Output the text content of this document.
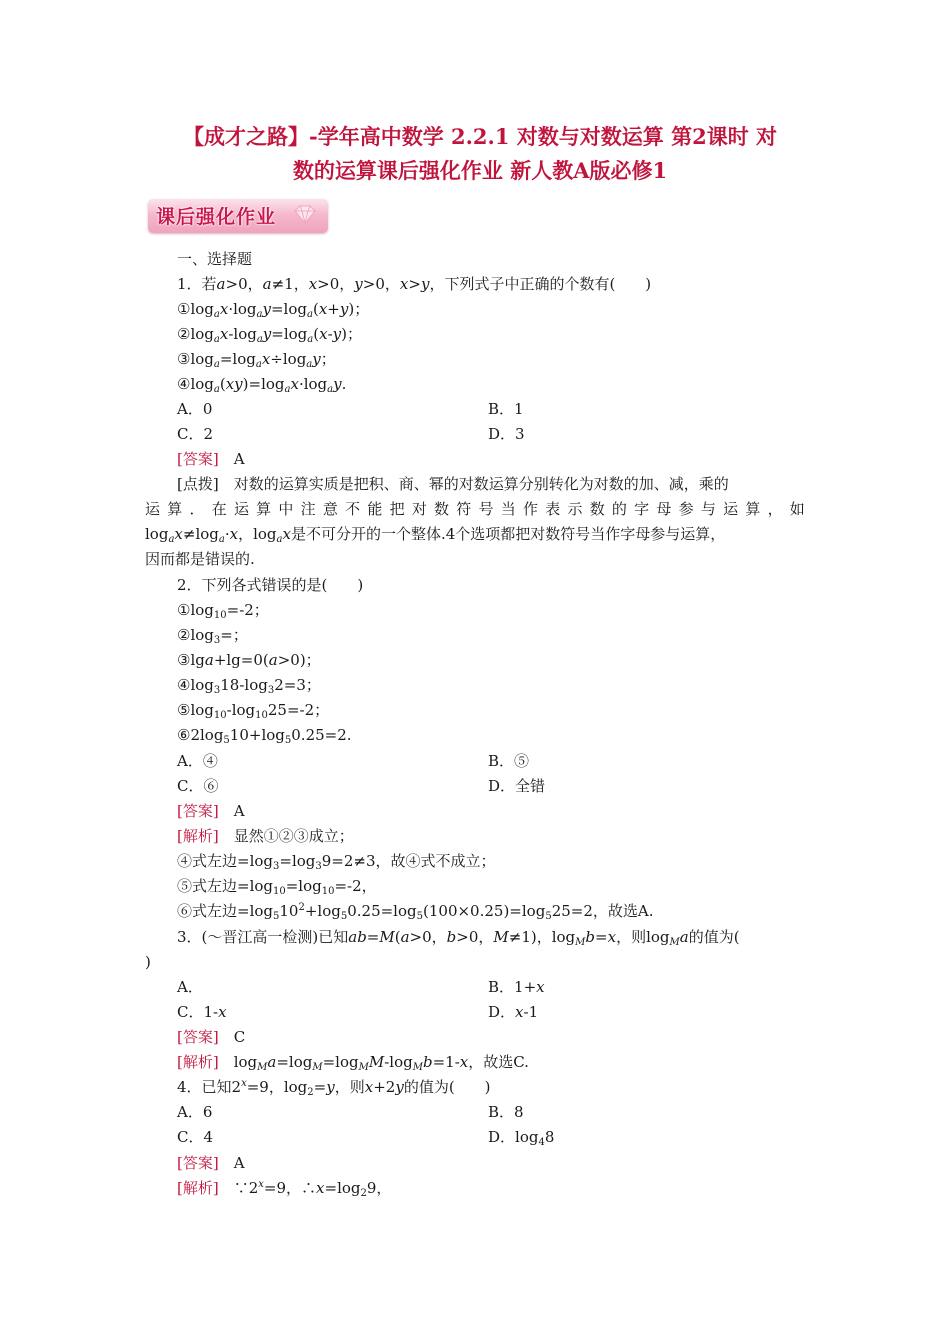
【成才之路】-学年高中数学 2.2.1 对数与对数运算 第2课时 对
数的运算课后强化作业 新人教A版必修1
课后强化作业
一、选择题
1．若a>0，a≠1，x>0，y>0，x>y，下列式子中正确的个数有(　　)
$①\log_ax\cdot\log_ay=\log_a(x+y)$；
$②\log_ax-\log_ay=\log_a(x-y)$；
$③\log_a=\log_ax\div\log_ay$；
$④\log_a(xy)=\log_ax\cdot\log_ay$.
A．0	B．1
C．2	D．3
[答案]　 A
[点拨]　对数的运算实质是把积、商、幂的对数运算分别转化为对数的加、减，乘的
运 算 ． 在 运 算 中 注 意 不 能 把 对 数 符 号 当 作 表 示 数 的 字 母 参 与 运 算 ， 如
$\log_ax\ne\log_a\cdot x$，$\log_ax$是不可分开的一个整体.4个选项都把对数符号当作字母参与运算，
因而都是错误的.
2．下列各式错误的是(　　)
$①\log_{10}=-2$；
$②\log_3=$；
③lga+lg=0(a>0)；
$④\log_318-\log_32=3$；
$⑤\log_{10}-\log_{10}25=-2$；
$⑥2\log_510+\log_50.25=2$.
A．④	B．⑤
C．⑥	D．全错
[答案]　 A
[解析]　 显然①②③成立；
④式左边$=\log_3=\log_39=2\ne 3$，故④式不成立；
⑤式左边$=\log_{10}=\log_{10}=-2$，
⑥式左边$=\log_510^2+\log_50.25=\log_5(100\times 0.25)=\log_525=2$，故选A.
3．(～晋江高一检测)已知ab=M(a>0，b>0，M≠1)，$\log_Mb=x$，则$\log_Ma$的值为(
)
A．	B．1+x
C．1-x	D．x-1
[答案]　 C
[解析]　$\log_Ma=\log_M=\log_MM-\log_Mb=1-x$，故选C.
4．已知$2^x=9$，$\log_2=y$，则x+2y的值为(　　)
A．6	B．8
C．4	D．$\log_48$
[答案]　 A
[解析]　$\because 2^x=9$，$\therefore x=\log_29$，
